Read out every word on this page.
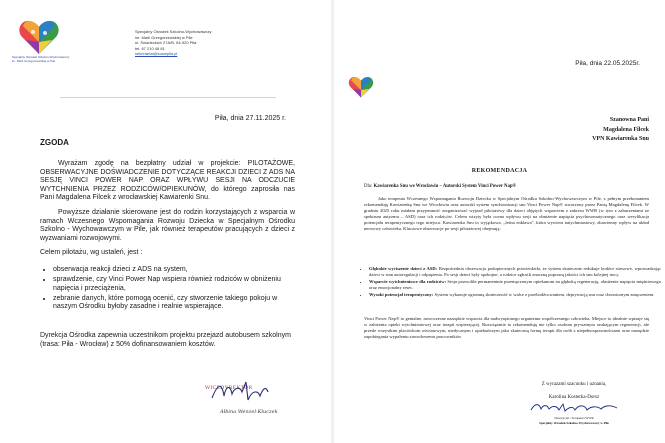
Specjalny Ośrodek Szkolno-Wychowawczy im. Marii Grzegorzewskiej w Pile

Specjalny Ośrodek Szkolno-Wychowawczy
im. Marii Grzegorzewskiej w Pile
ul. Śniadeckich 27A/B, 64-920 Piła
tel. 67 210 48 81
sekretariat@soswpila.pl

Piła, dnia 27.11.2025 r.

ZGODA

Wyrażam zgodę na bezpłatny udział w projekcie: PILOTAŻOWE, OBSERWACYJNE DOŚWIADCZENIE DOTYCZĄCE REAKCJI DZIECI Z ADS NA SESJĘ VINCI POWER NAP ORAZ WPŁYWU SESJI NA ODCZUCIE WYTCHNIENIA PRZEZ RODZICÓW/OPIEKUNÓW, do którego zaprosiła nas Pani Magdalena Filcek z wrocławskiej Kawiarenki Snu.

Powyższe działanie skierowane jest do rodzin korzystających z wsparcia w ramach Wczesnego Wspomagania Rozwoju Dziecka w Specjalnym Ośrodku Szkolno - Wychowawczym w Pile, jak również terapeutów pracujących z dzieci z wyzwaniami rozwojowymi.

Celem pilotażu, wg ustaleń, jest :

• obserwacja reakcji dzieci z ADS na system,
• sprawdzenie, czy Vinci Power Nap wspiera również rodziców w obniżeniu napięcia i przeciążenia,
• zebranie danych, które pomogą ocenić, czy stworzenie takiego pokoju w naszym Ośrodku byłoby zasadne i realnie wspierające.

Dyrekcja Ośrodka zapewnia uczestnikom projektu przejazd autobusem szkolnym (trasa: Piła - Wrocław) z 50% dofinansowaniem kosztów.

WICEDYREKTOR

Ałbina Wenzel-Kluczek

Piła, dnia 22.05.2025r.

Szanowna Pani
Magdalena Filcek
VPN Kawiarenka Snu

REKOMENDACJA

Dla: Kawiarenka Snu we Wrocławiu – Autorski System Vinci Power Nap®

Jako terapeuta Wczesnego Wspomagania Rozwoju Dziecka w Specjalnym Ośrodku Szkolno-Wychowawczym w Pile, z pełnym przekonaniem rekomenduję Kawiarenkę Snu we Wrocławiu oraz autorski system synchronizacji snu Vinci Power Nap® stworzony przez Panią Magdalenę Filcek. W grudniu 2025 roku miałam przyjemność zorganizować wyjazd pilotażowy dla dzieci objętych wsparciem z zakresu WWR (w tym z zaburzeniami ze spektrum autyzmu – ASD) oraz ich rodziców. Celem wizyty była ocena wpływu sesji na obniżenie napięcia psychosomatycznego oraz weryfikacja potencjału terapeutycznego tego miejsca. Kawiarenka Snu to wyjątkowa, „leśna enklawa", która wywiera natychmiastowy, zbawienny wpływ na układ nerwowy człowieka. Kluczowe obserwacje po sesji pilotażowej obejmują:

• Głębokie wyciszenie dzieci z ASD: Bezpośrednia obserwacja podopiecznych potwierdziła, że system skutecznie redukuje bodźce stresowe, wprowadzając dzieci w stan autoregulacji i odprężenia. Po sesji dzieci były spokojne, a rodzice zgłosili znaczną poprawę jakości ich snu kolejnej nocy.
• Wsparcie wytchnieniowe dla rodziców: Sesja pozwoliła permanentnie przemęczonym opiekunom na głęboką regenerację, obniżenie napięcia mięśniowego oraz emocjonalny reset.
• Wysoki potencjał terapeutyczny: System wykazuje ogromną skuteczność w walce z przebodźcowaniem, deprywacją snu oraz chronicznym zmęczeniem.

Vinci Power Nap® to genialne, nowoczesne narzędzie wsparcia dla nadwyrężonego organizmu współczesnego człowieka. Miejsce to idealnie wpisuje się w założenia opieki wytchnieniowej oraz terapii wspierającej. Rozwiązanie to rekomenduję nie tylko osobom prywatnym szukającym regeneracji, ale przede wszystkim placówkom oświatowym, medycznym i opiekuńczym jako skuteczną formę terapii dla osób z niepełnosprawnościami oraz narzędzie zapobiegania wypaleniu zawodowemu pracowników

Z wyrazami szacunku i uznania,

Karolina Kosterka-Dorsz

Nauczyciel / Terapeuta WWR

Specjalny Ośrodek Szkolno-Wychowawczy w Pile
